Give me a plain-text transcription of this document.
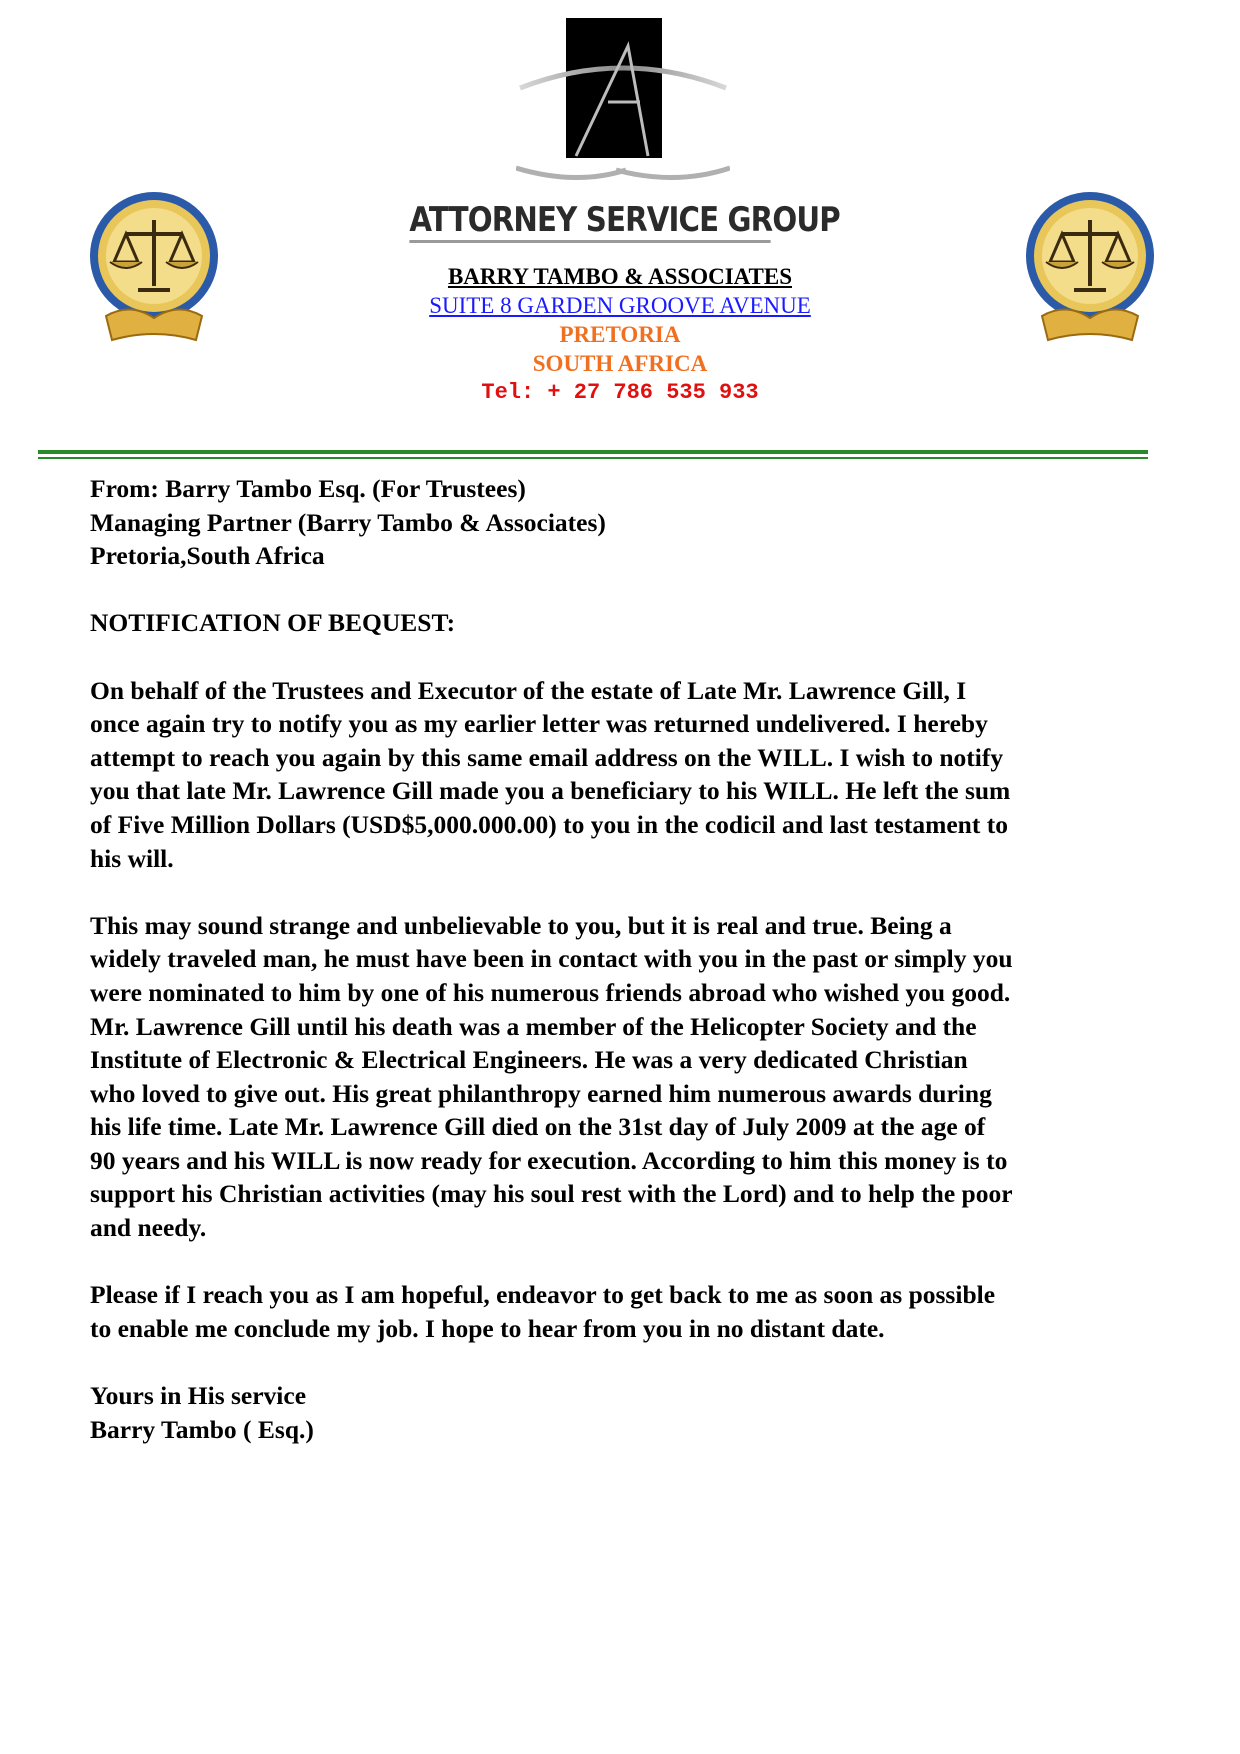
ATTORNEY SERVICE GROUP
BARRY TAMBO & ASSOCIATES
SUITE 8 GARDEN GROOVE AVENUE
PRETORIA
SOUTH AFRICA
Tel: + 27 786 535 933

From: Barry Tambo Esq. (For Trustees)
Managing Partner (Barry Tambo & Associates)
Pretoria,South Africa

NOTIFICATION OF BEQUEST:

On behalf of the Trustees and Executor of the estate of Late Mr. Lawrence Gill, I
once again try to notify you as my earlier letter was returned undelivered. I hereby
attempt to reach you again by this same email address on the WILL. I wish to notify
you that late Mr. Lawrence Gill made you a beneficiary to his WILL. He left the sum
of Five Million Dollars (USD$5,000.000.00) to you in the codicil and last testament to
his will.

This may sound strange and unbelievable to you, but it is real and true. Being a
widely traveled man, he must have been in contact with you in the past or simply you
were nominated to him by one of his numerous friends abroad who wished you good.
Mr. Lawrence Gill until his death was a member of the Helicopter Society and the
Institute of Electronic & Electrical Engineers. He was a very dedicated Christian
who loved to give out. His great philanthropy earned him numerous awards during
his life time. Late Mr. Lawrence Gill died on the 31st day of July 2009 at the age of
90 years and his WILL is now ready for execution. According to him this money is to
support his Christian activities (may his soul rest with the Lord) and to help the poor
and needy.

Please if I reach you as I am hopeful, endeavor to get back to me as soon as possible
to enable me conclude my job. I hope to hear from you in no distant date.

Yours in His service
Barry Tambo ( Esq.)
